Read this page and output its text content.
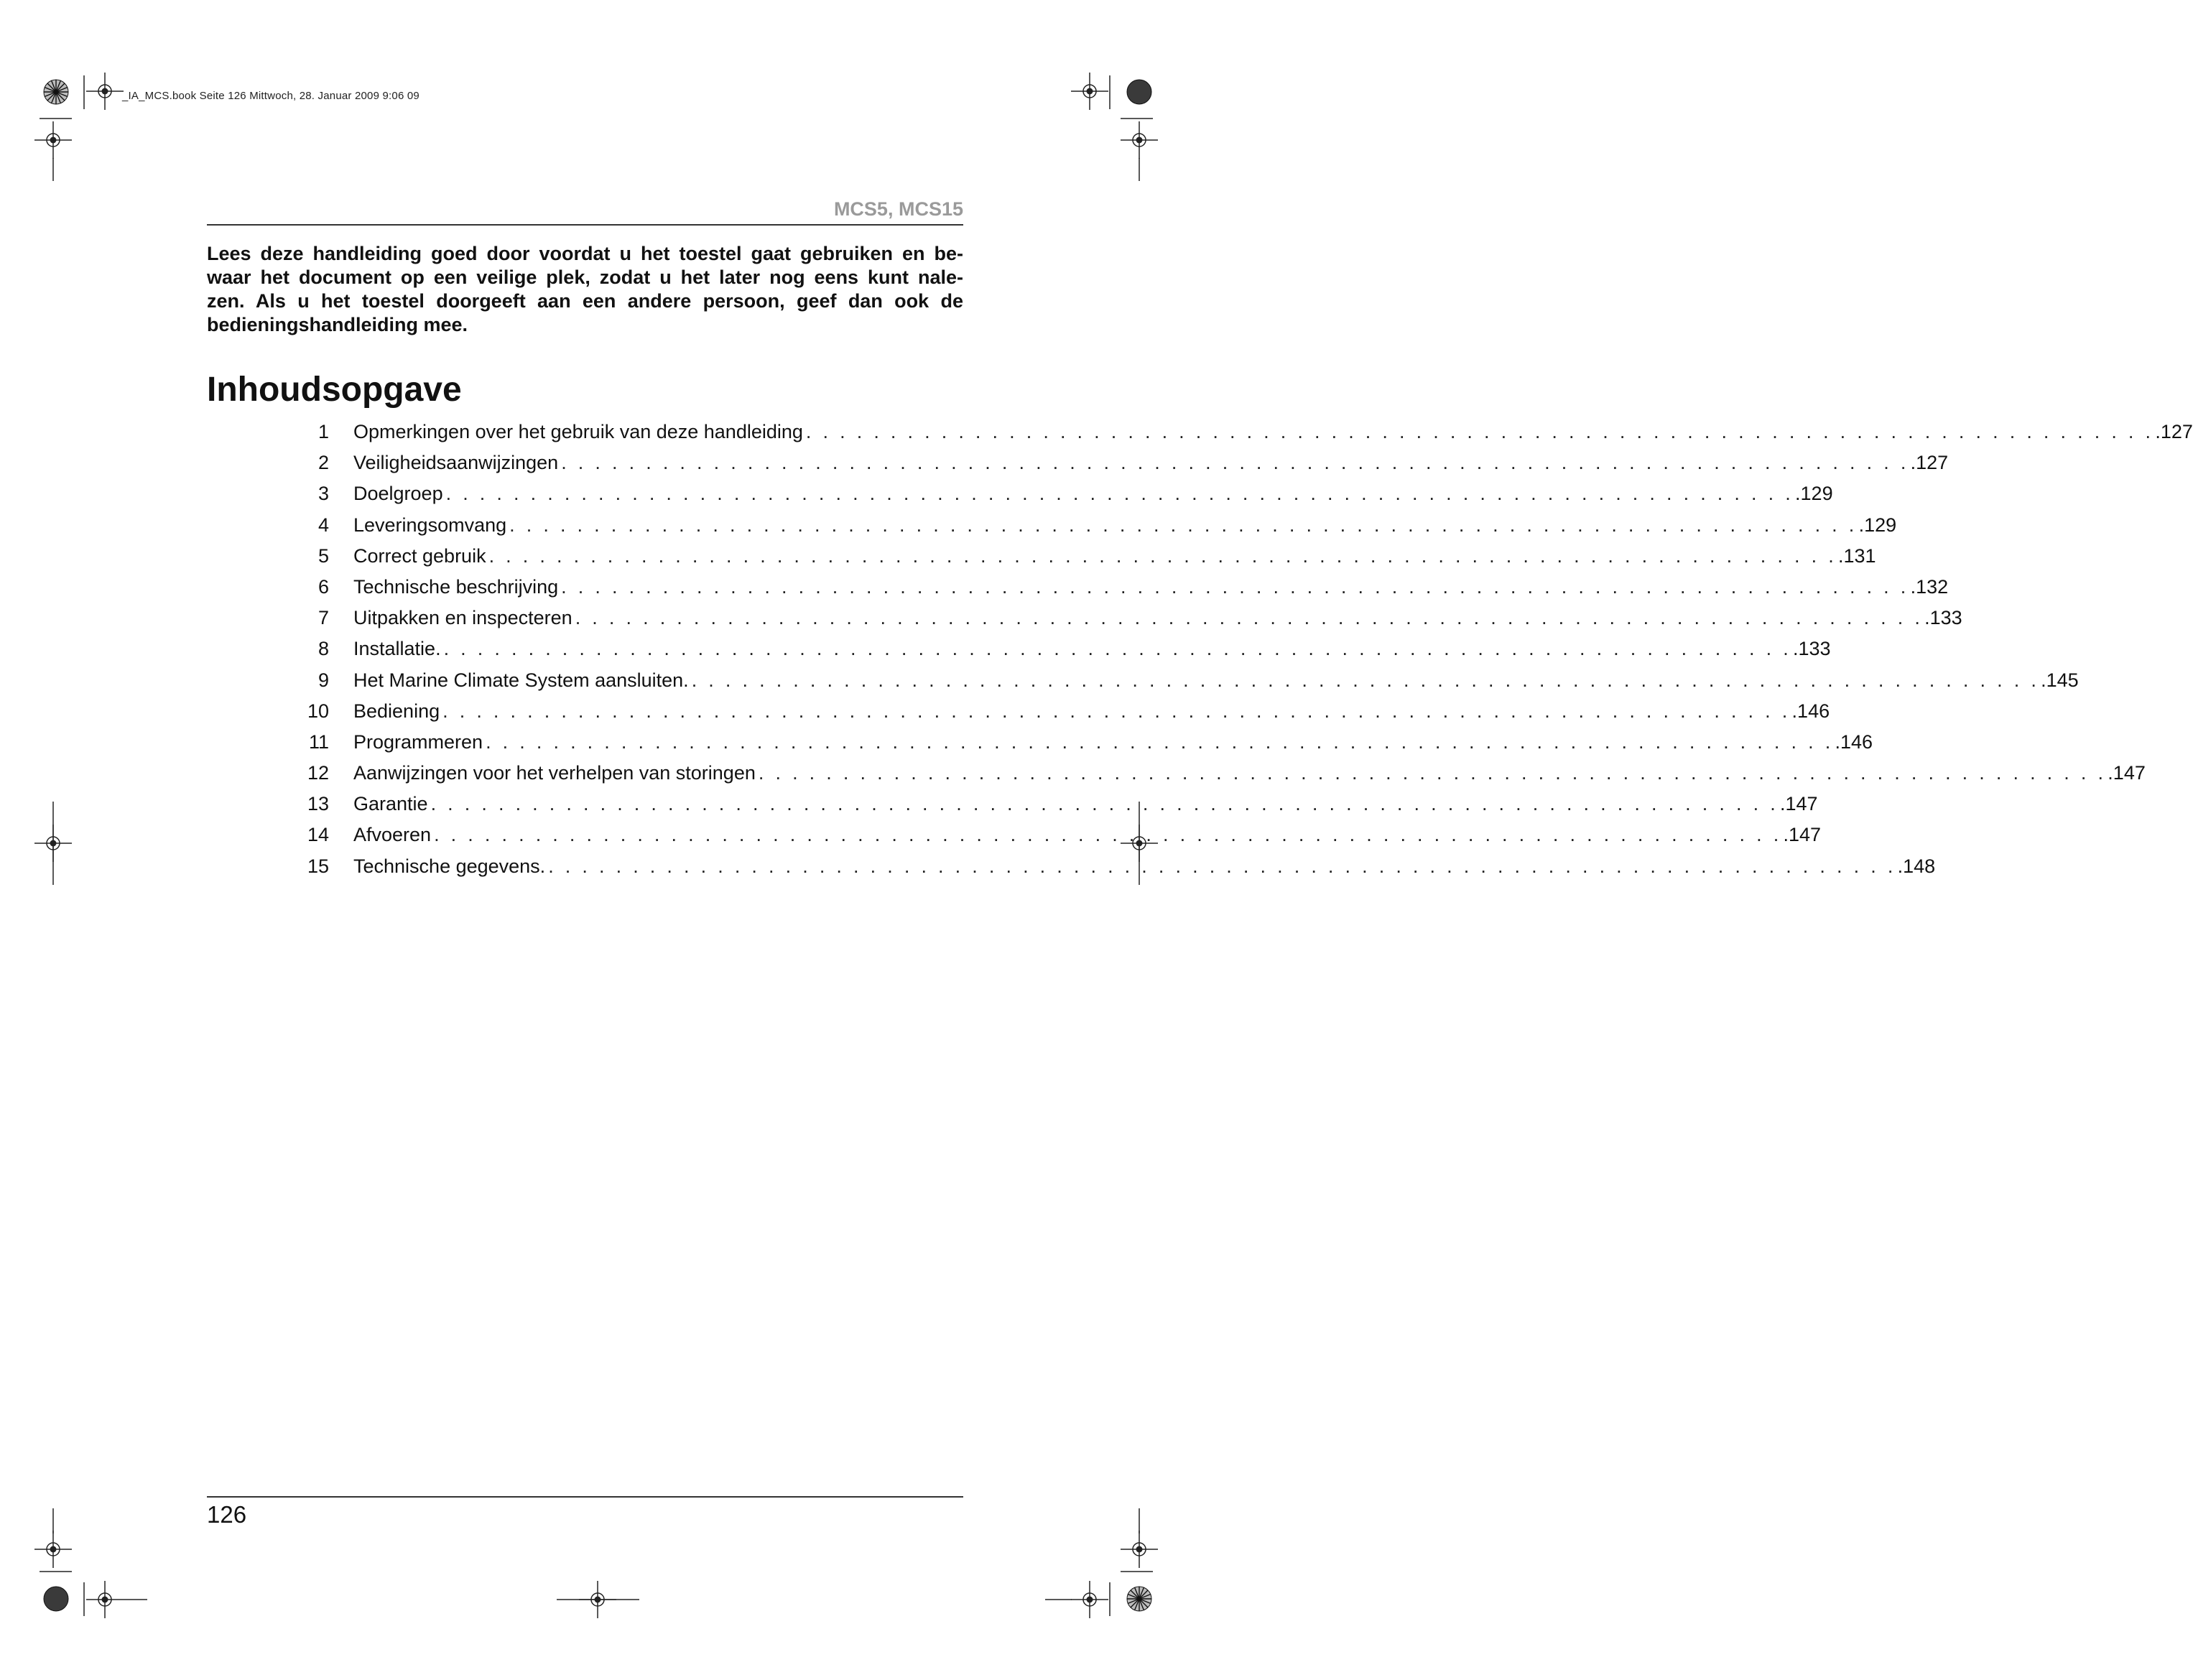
_IA_MCS.book Seite 126 Mittwoch, 28. Januar 2009 9:06 09
MCS5, MCS15

Lees deze handleiding goed door voordat u het toestel gaat gebruiken en be-
waar het document op een veilige plek, zodat u het later nog eens kunt nale-
zen. Als u het toestel doorgeeft aan een andere persoon, geef dan ook de
bedieningshandleiding mee.

Inhoudsopgave
1 Opmerkingen over het gebruik van deze handleiding . . . . . . . . . . . . . . . . . . . . . . . . . . . . . . . . . . . . . . . . . . . . . . . . . . . . . . . . . . . . . . . . . . . . . . . . . . . . . . . . .127
2 Veiligheidsaanwijzingen . . . . . . . . . . . . . . . . . . . . . . . . . . . . . . . . . . . . . . . . . . . . . . . . . . . . . . . . . . . . . . . . . . . . . . . . . . . . . . . . .127
3 Doelgroep . . . . . . . . . . . . . . . . . . . . . . . . . . . . . . . . . . . . . . . . . . . . . . . . . . . . . . . . . . . . . . . . . . . . . . . . . . . . . . . . .129
4 Leveringsomvang . . . . . . . . . . . . . . . . . . . . . . . . . . . . . . . . . . . . . . . . . . . . . . . . . . . . . . . . . . . . . . . . . . . . . . . . . . . . . . . . .129
5 Correct gebruik . . . . . . . . . . . . . . . . . . . . . . . . . . . . . . . . . . . . . . . . . . . . . . . . . . . . . . . . . . . . . . . . . . . . . . . . . . . . . . . . .131
6 Technische beschrijving . . . . . . . . . . . . . . . . . . . . . . . . . . . . . . . . . . . . . . . . . . . . . . . . . . . . . . . . . . . . . . . . . . . . . . . . . . . . . . . . .132
7 Uitpakken en inspecteren . . . . . . . . . . . . . . . . . . . . . . . . . . . . . . . . . . . . . . . . . . . . . . . . . . . . . . . . . . . . . . . . . . . . . . . . . . . . . . . . .133
8 Installatie. . . . . . . . . . . . . . . . . . . . . . . . . . . . . . . . . . . . . . . . . . . . . . . . . . . . . . . . . . . . . . . . . . . . . . . . . . . . . . . . . .133
9 Het Marine Climate System aansluiten. . . . . . . . . . . . . . . . . . . . . . . . . . . . . . . . . . . . . . . . . . . . . . . . . . . . . . . . . . . . . . . . . . . . . . . . . . . . . . . . . .145
10 Bediening . . . . . . . . . . . . . . . . . . . . . . . . . . . . . . . . . . . . . . . . . . . . . . . . . . . . . . . . . . . . . . . . . . . . . . . . . . . . . . . . .146
11 Programmeren . . . . . . . . . . . . . . . . . . . . . . . . . . . . . . . . . . . . . . . . . . . . . . . . . . . . . . . . . . . . . . . . . . . . . . . . . . . . . . . . .146
12 Aanwijzingen voor het verhelpen van storingen . . . . . . . . . . . . . . . . . . . . . . . . . . . . . . . . . . . . . . . . . . . . . . . . . . . . . . . . . . . . . . . . . . . . . . . . . . . . . . . . .147
13 Garantie . . . . . . . . . . . . . . . . . . . . . . . . . . . . . . . . . . . . . . . . . . . . . . . . . . . . . . . . . . . . . . . . . . . . . . . . . . . . . . . . .147
14 Afvoeren . . . . . . . . . . . . . . . . . . . . . . . . . . . . . . . . . . . . . . . . . . . . . . . . . . . . . . . . . . . . . . . . . . . . . . . . . . . . . . . . .147
15 Technische gegevens. . . . . . . . . . . . . . . . . . . . . . . . . . . . . . . . . . . . . . . . . . . . . . . . . . . . . . . . . . . . . . . . . . . . . . . . . . . . . . . . . .148
126
